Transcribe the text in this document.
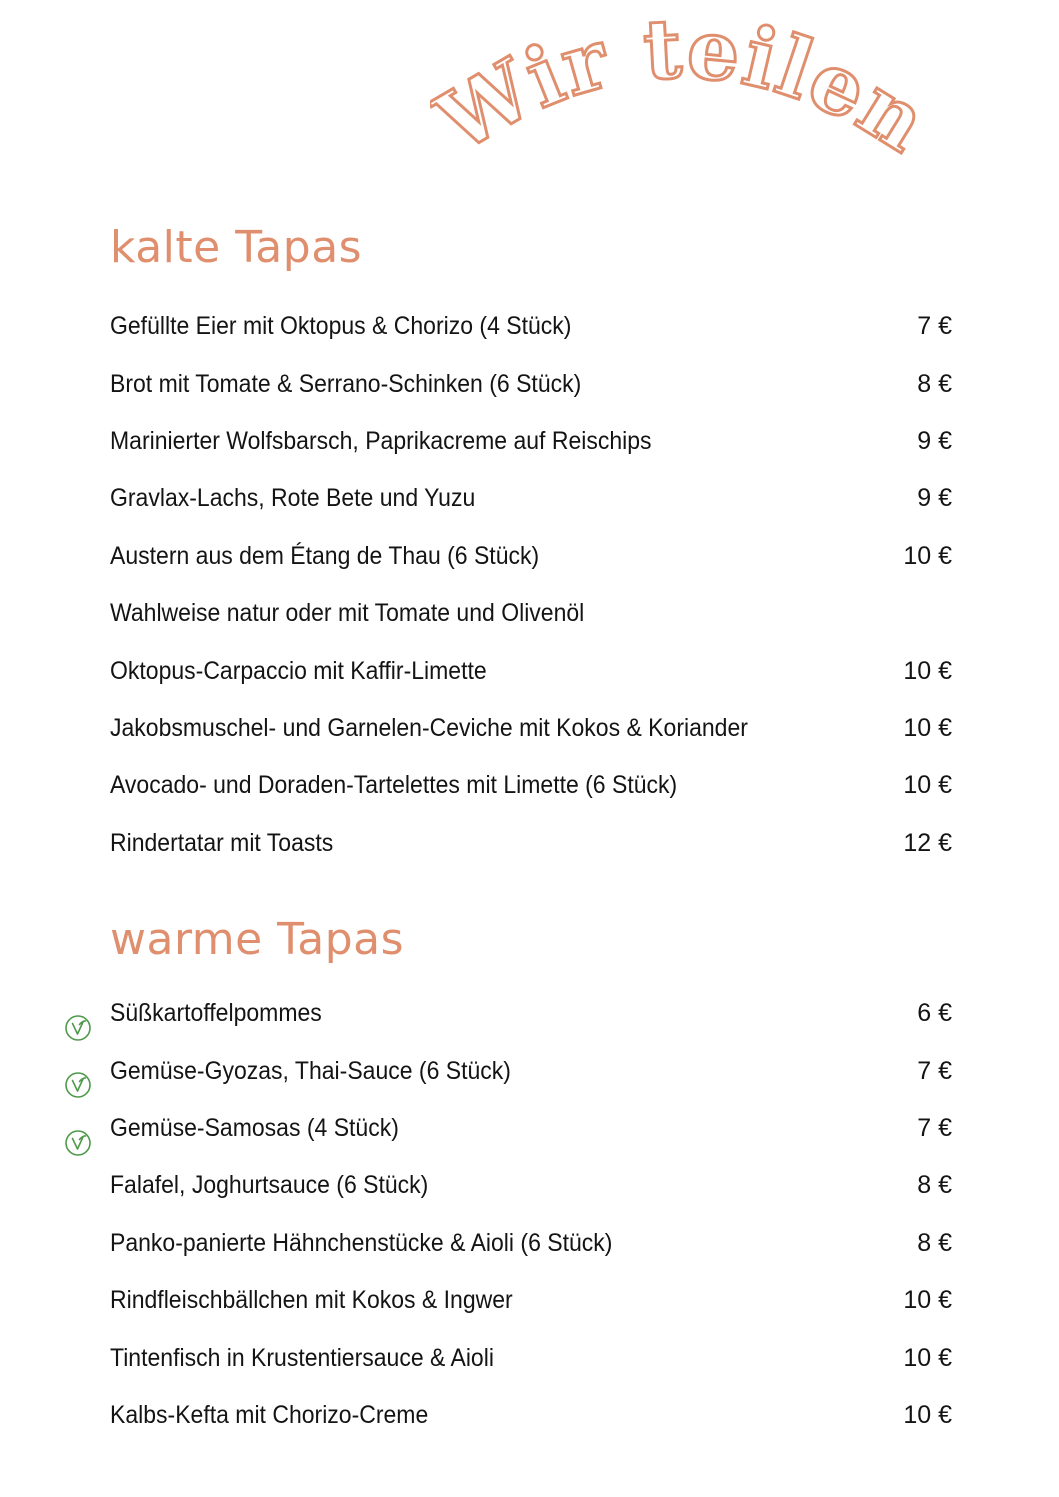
Wir teile
kalte Tapas
Gefüllte Eier mit Oktopus & Chorizo (4 Stück)	7 €
Brot mit Tomate & Serrano-Schinken (6 Stück)	8 €
Marinierter Wolfsbarsch, Paprikacreme auf Reischips	9 €
Gravlax-Lachs, Rote Bete und Yuzu	9 €
Austern aus dem Étang de Thau (6 Stück)	10 €
Wahlweise natur oder mit Tomate und Olivenöl
Oktopus-Carpaccio mit Kaffir-Limette	10 €
Jakobsmuschel- und Garnelen-Ceviche mit Kokos & Koriander	10 €
Avocado- und Doraden-Tartelettes mit Limette (6 Stück)	10 €
Rindertatar mit Toasts	12 €
warme Tapas
Süßkartoffelpommes	6 €
Gemüse-Gyozas, Thai-Sauce (6 Stück)	7 €
Gemüse-Samosas (4 Stück)	7 €
Falafel, Joghurtsauce (6 Stück)	8 €
Panko-panierte Hähnchenstücke & Aioli (6 Stück)	8 €
Rindfleischbällchen mit Kokos & Ingwer	10 €
Tintenfisch in Krustentiersauce & Aioli	10 €
Kalbs-Kefta mit Chorizo-Creme	10 €
